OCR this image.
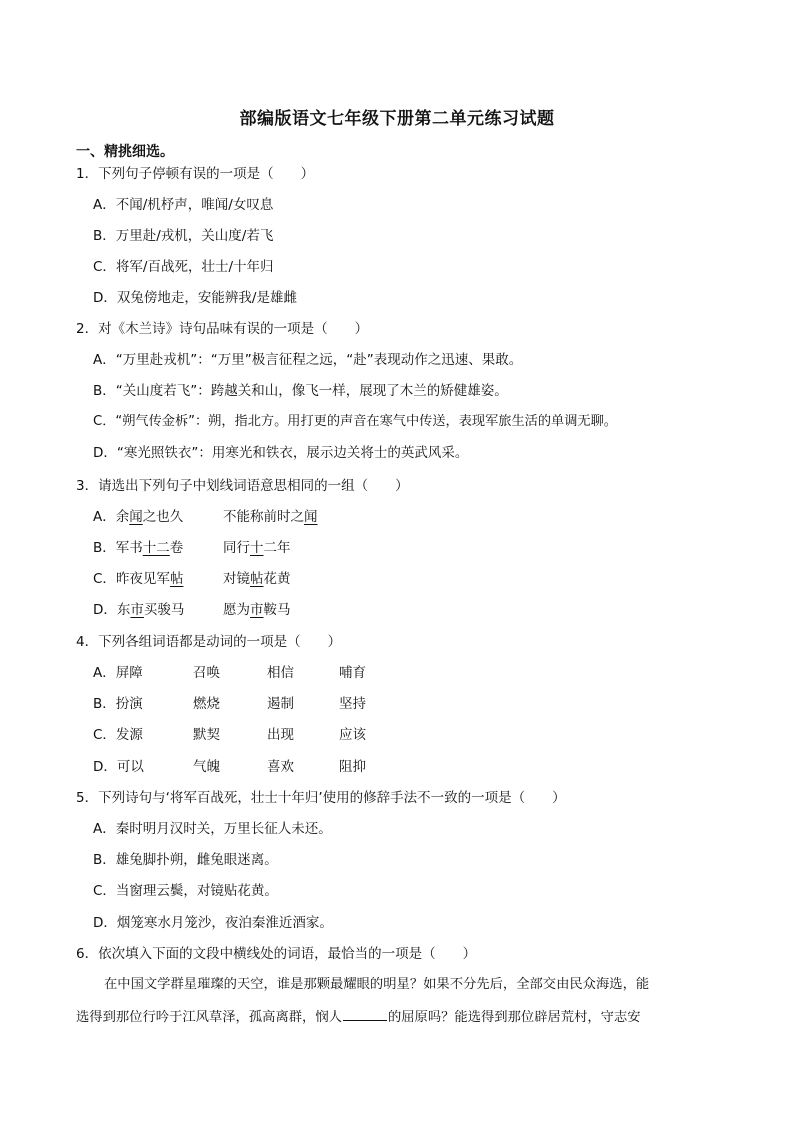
部编版语文七年级下册第二单元练习试题
一、精挑细选。
1．下列句子停顿有误的一项是（　　）
A．不闻/机杼声，唯闻/女叹息
B．万里赴/戎机，关山度/若飞
C．将军/百战死，壮士/十年归
D．双兔傍地走，安能辨我/是雄雌
2．对《木兰诗》诗句品味有误的一项是（　　）
A．“万里赴戎机”：“万里”极言征程之远，“赴”表现动作之迅速、果敢。
B．“关山度若飞”：跨越关和山，像飞一样，展现了木兰的矫健雄姿。
C．“朔气传金柝”：朔，指北方。用打更的声音在寒气中传送，表现军旅生活的单调无聊。
D．“寒光照铁衣”：用寒光和铁衣，展示边关将士的英武风采。
3．请选出下列句子中划线词语意思相同的一组（　　）
A．余闻之也久	不能称前时之闻
B．军书十二卷	同行十二年
C．昨夜见军帖	对镜帖花黄
D．东市买骏马	愿为市鞍马
4．下列各组词语都是动词的一项是（　　）
A．屏障	召唤	相信	哺育
B．扮演	燃烧	遏制	坚持
C．发源	默契	出现	应该
D．可以	气魄	喜欢	阻抑
5．下列诗句与‘将军百战死，壮士十年归’使用的修辞手法不一致的一项是（　　）
A．秦时明月汉时关，万里长征人未还。
B．雄兔脚扑朔，雌兔眼迷离。
C．当窗理云鬓，对镜贴花黄。
D．烟笼寒水月笼沙，夜泊秦淮近酒家。
6．依次填入下面的文段中横线处的词语，最恰当的一项是（　　）
在中国文学群星璀璨的天空，谁是那颗最耀眼的明星？如果不分先后，全部交由民众海选，能
选得到那位行吟于江风草泽，孤高离群，悯人	的屈原吗？能选得到那位辟居荒村，守志安
